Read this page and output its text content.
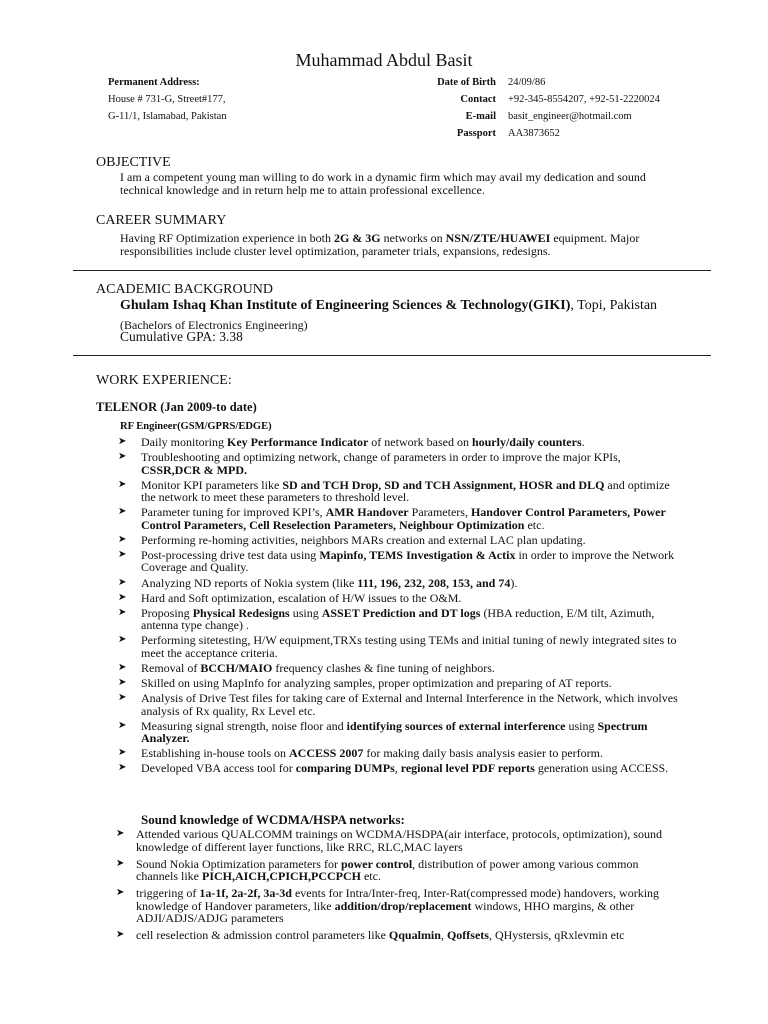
Muhammad Abdul Basit
Permanent Address:
House # 731-G, Street#177,
G-11/1, Islamabad, Pakistan
Date of Birth
Contact
E-mail
Passport
24/09/86
+92-345-8554207, +92-51-2220024
basit_engineer@hotmail.com
AA3873652
OBJECTIVE
I am a competent young man willing to do work in a dynamic firm which may avail my dedication and sound technical knowledge and in return help me to attain professional excellence.
CAREER SUMMARY
Having RF Optimization experience in both 2G & 3G networks on NSN/ZTE/HUAWEI equipment. Major responsibilities include cluster level optimization, parameter trials, expansions, redesigns.
ACADEMIC BACKGROUND
Ghulam Ishaq Khan Institute of Engineering Sciences & Technology(GIKI), Topi, Pakistan
(Bachelors of Electronics Engineering)
Cumulative GPA: 3.38
WORK EXPERIENCE:
TELENOR (Jan 2009-to date)
RF Engineer(GSM/GPRS/EDGE)
➤ Daily monitoring Key Performance Indicator of network based on hourly/daily counters.
➤ Troubleshooting and optimizing network, change of parameters in order to improve the major KPIs, CSSR,DCR & MPD.
➤ Monitor KPI parameters like SD and TCH Drop, SD and TCH Assignment, HOSR and DLQ and optimize the network to meet these parameters to threshold level.
➤ Parameter tuning for improved KPI’s, AMR Handover Parameters, Handover Control Parameters, Power Control Parameters, Cell Reselection Parameters, Neighbour Optimization etc.
➤ Performing re-homing activities, neighbors MARs creation and external LAC plan updating.
➤ Post-processing drive test data using Mapinfo, TEMS Investigation & Actix in order to improve the Network Coverage and Quality.
➤ Analyzing ND reports of Nokia system (like 111, 196, 232, 208, 153, and 74).
➤ Hard and Soft optimization, escalation of H/W issues to the O&M.
➤ Proposing Physical Redesigns using ASSET Prediction and DT logs (HBA reduction, E/M tilt, Azimuth, antenna type change) .
➤ Performing sitetesting, H/W equipment,TRXs testing using TEMs and initial tuning of newly integrated sites to meet the acceptance criteria.
➤ Removal of BCCH/MAIO frequency clashes & fine tuning of neighbors.
➤ Skilled on using MapInfo for analyzing samples, proper optimization and preparing of AT reports.
➤ Analysis of Drive Test files for taking care of External and Internal Interference in the Network, which involves analysis of Rx quality, Rx Level etc.
➤ Measuring signal strength, noise floor and identifying sources of external interference using Spectrum Analyzer.
➤ Establishing in-house tools on ACCESS 2007 for making daily basis analysis easier to perform.
➤ Developed VBA access tool for comparing DUMPs, regional level PDF reports generation using ACCESS.
Sound knowledge of WCDMA/HSPA networks:
➤ Attended various QUALCOMM trainings on WCDMA/HSDPA(air interface, protocols, optimization), sound knowledge of different layer functions, like RRC, RLC,MAC layers
➤ Sound Nokia Optimization parameters for power control, distribution of power among various common channels like PICH,AICH,CPICH,PCCPCH etc.
➤ triggering of 1a-1f, 2a-2f, 3a-3d events for Intra/Inter-freq, Inter-Rat(compressed mode) handovers, working knowledge of Handover parameters, like addition/drop/replacement windows, HHO margins, & other ADJI/ADJS/ADJG parameters
➤ cell reselection & admission control parameters like Qqualmin, Qoffsets, QHystersis, qRxlevmin etc
